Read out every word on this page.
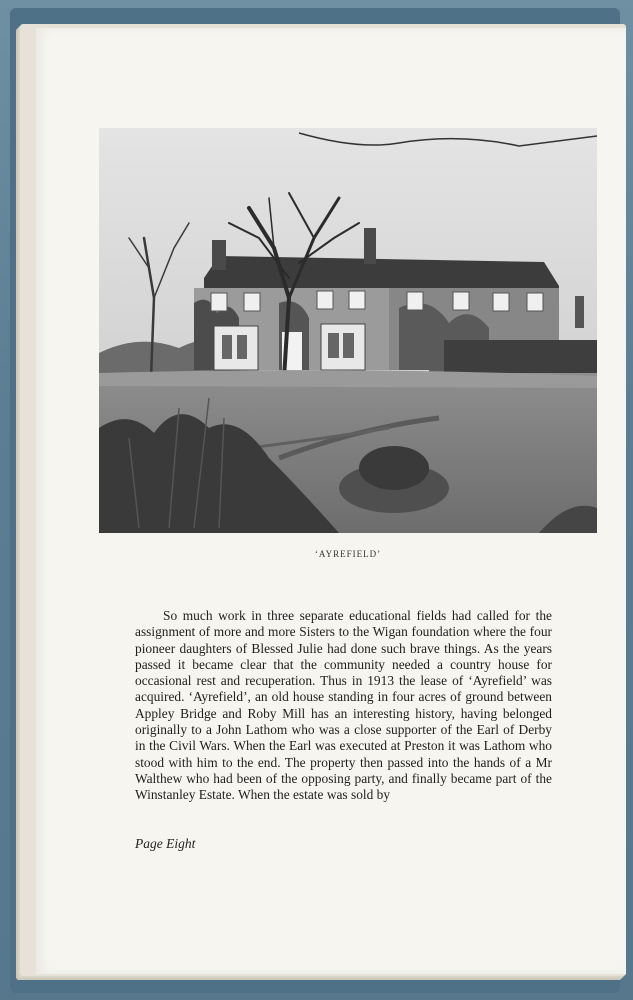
‘AYREFIELD’

So much work in three separate educational fields had called for the assignment of more and more Sisters to the Wigan foundation where the four pioneer daughters of Blessed Julie had done such brave things. As the years passed it became clear that the community needed a country house for occasional rest and recuperation. Thus in 1913 the lease of ‘Ayrefield’ was acquired. ‘Ayrefield’, an old house standing in four acres of ground between Appley Bridge and Roby Mill has an interesting history, having belonged originally to a John Lathom who was a close supporter of the Earl of Derby in the Civil Wars. When the Earl was executed at Preston it was Lathom who stood with him to the end. The property then passed into the hands of a Mr Walthew who had been of the opposing party, and finally became part of the Winstanley Estate. When the estate was sold by

Page Eight
